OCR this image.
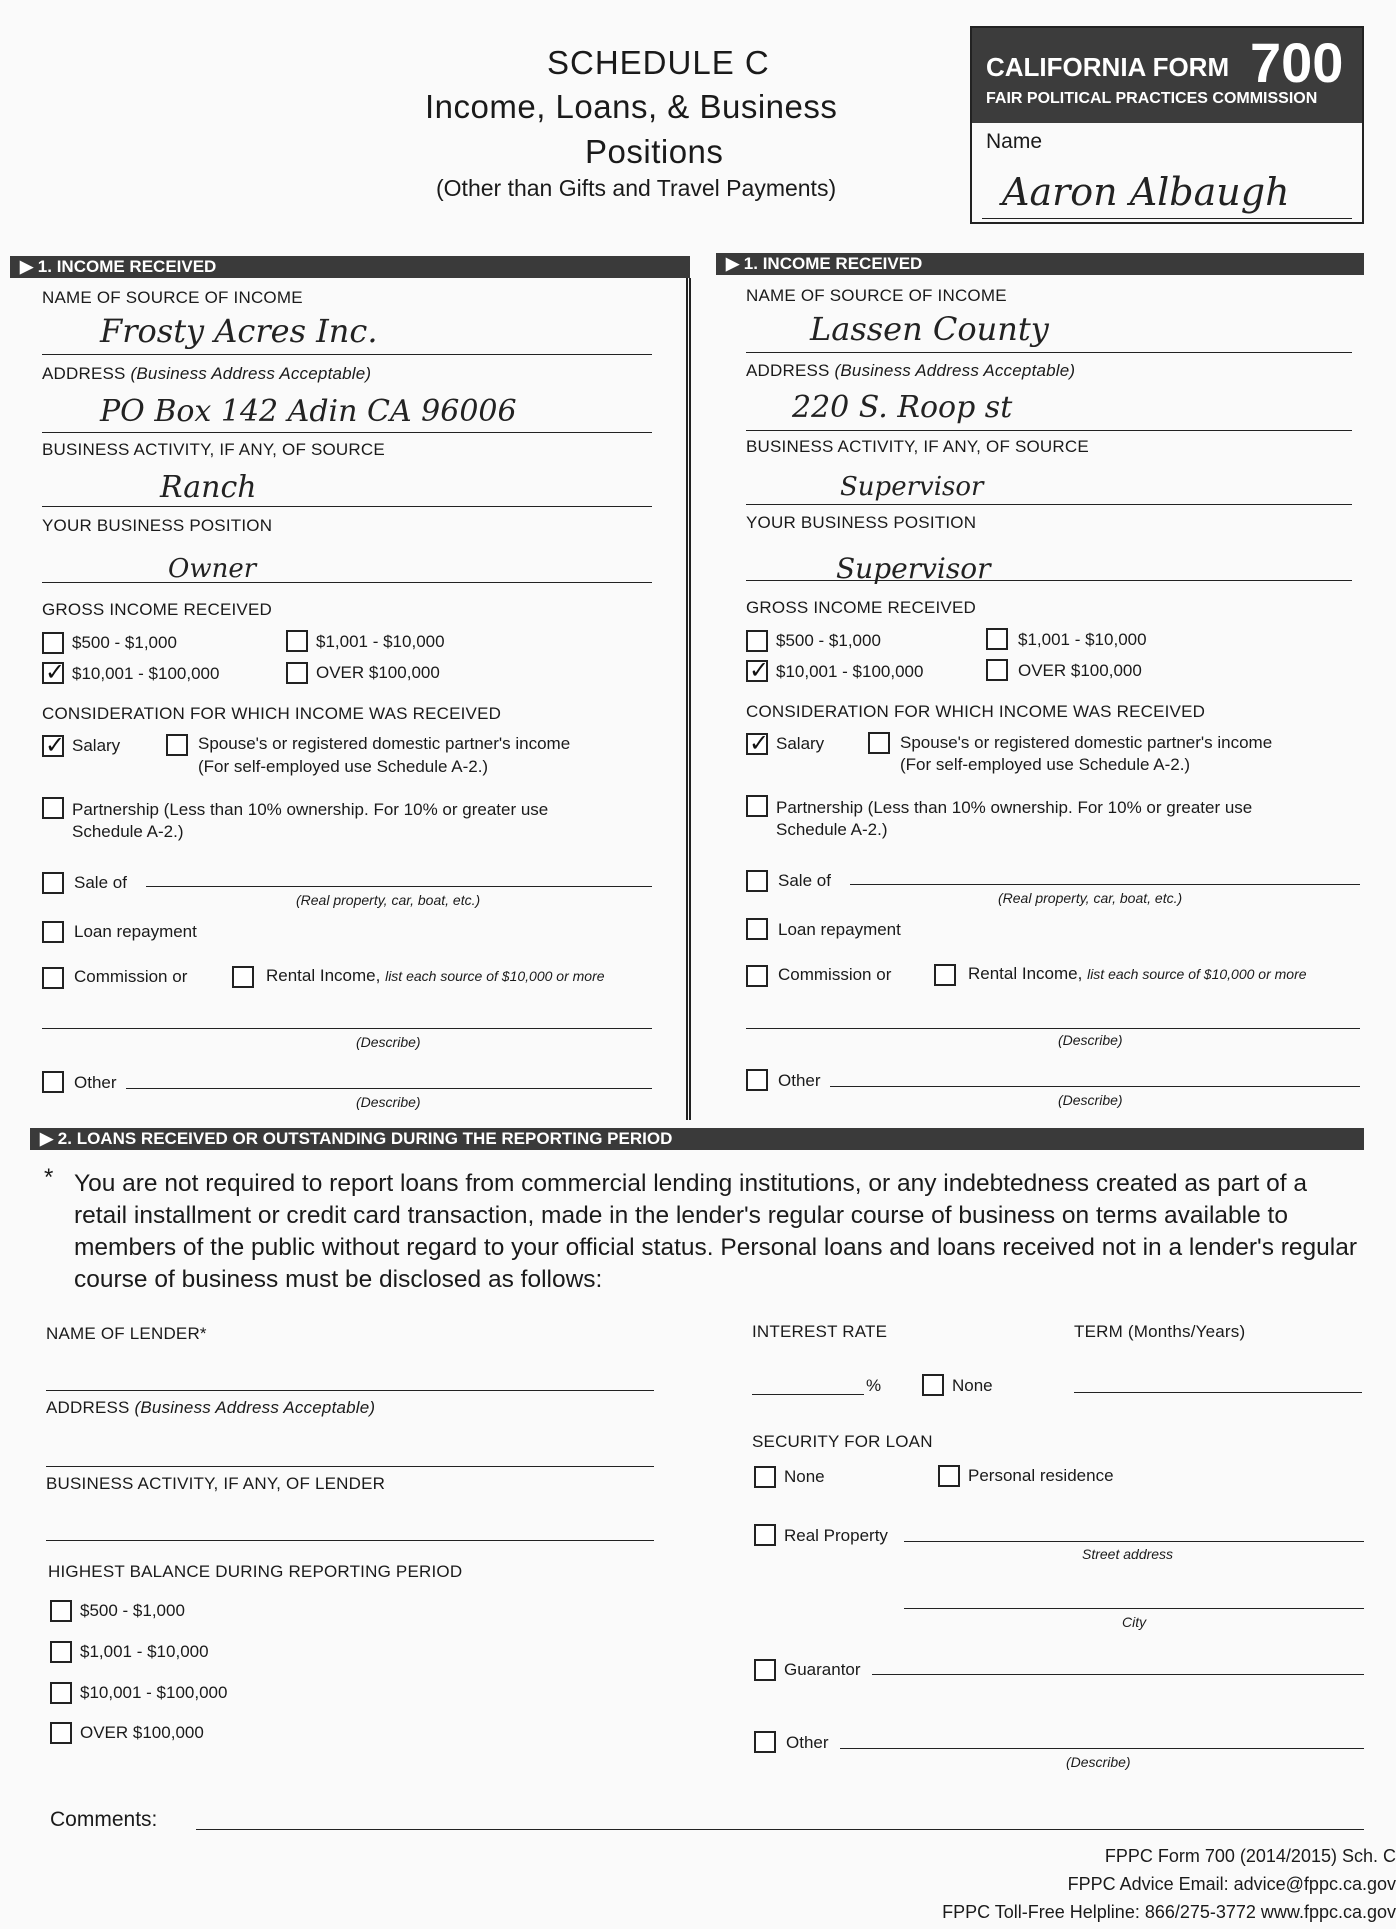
SCHEDULE C
Income, Loans, & Business
Positions
(Other than Gifts and Travel Payments)
CALIFORNIA FORM 700
FAIR POLITICAL PRACTICES COMMISSION
Name
Aaron Albaugh
▶ 1. INCOME RECEIVED	▶ 1. INCOME RECEIVED
NAME OF SOURCE OF INCOME
Frosty Acres Inc.
ADDRESS (Business Address Acceptable)
PO Box 142 Adin CA 96006
BUSINESS ACTIVITY, IF ANY, OF SOURCE
Ranch
YOUR BUSINESS POSITION
Owner
GROSS INCOME RECEIVED
$500 - $1,000	$1,001 - $10,000
✓
$10,001 - $100,000	OVER $100,000
CONSIDERATION FOR WHICH INCOME WAS RECEIVED
✓
Salary	Spouse's or registered domestic partner's income
(For self-employed use Schedule A-2.)
Partnership (Less than 10% ownership. For 10% or greater use
Schedule A-2.)
Sale of
(Real property, car, boat, etc.)
Loan repayment
Commission or	Rental Income, list each source of $10,000 or more
(Describe)
Other
(Describe)
NAME OF SOURCE OF INCOME
Lassen County
ADDRESS (Business Address Acceptable)
220 S. Roop st
BUSINESS ACTIVITY, IF ANY, OF SOURCE
Supervisor
YOUR BUSINESS POSITION
Supervisor
GROSS INCOME RECEIVED
$500 - $1,000	$1,001 - $10,000
✓
$10,001 - $100,000	OVER $100,000
CONSIDERATION FOR WHICH INCOME WAS RECEIVED
✓
Salary	Spouse's or registered domestic partner's income
(For self-employed use Schedule A-2.)
Partnership (Less than 10% ownership. For 10% or greater use
Schedule A-2.)
Sale of
(Real property, car, boat, etc.)
Loan repayment
Commission or	Rental Income, list each source of $10,000 or more
(Describe)
Other
(Describe)
▶ 2. LOANS RECEIVED OR OUTSTANDING DURING THE REPORTING PERIOD
* You are not required to report loans from commercial lending institutions, or any indebtedness created as part of a retail installment or credit card transaction, made in the lender's regular course of business on terms available to members of the public without regard to your official status. Personal loans and loans received not in a lender's regular course of business must be disclosed as follows:
NAME OF LENDER*
ADDRESS (Business Address Acceptable)
BUSINESS ACTIVITY, IF ANY, OF LENDER
HIGHEST BALANCE DURING REPORTING PERIOD
$500 - $1,000
$1,001 - $10,000
$10,001 - $100,000
OVER $100,000
INTEREST RATE
%	None
TERM (Months/Years)
SECURITY FOR LOAN
None	Personal residence
Real Property
Street address
City
Guarantor
Other
(Describe)
Comments:
FPPC Form 700 (2014/2015) Sch. C
FPPC Advice Email: advice@fppc.ca.gov
FPPC Toll-Free Helpline: 866/275-3772 www.fppc.ca.gov
